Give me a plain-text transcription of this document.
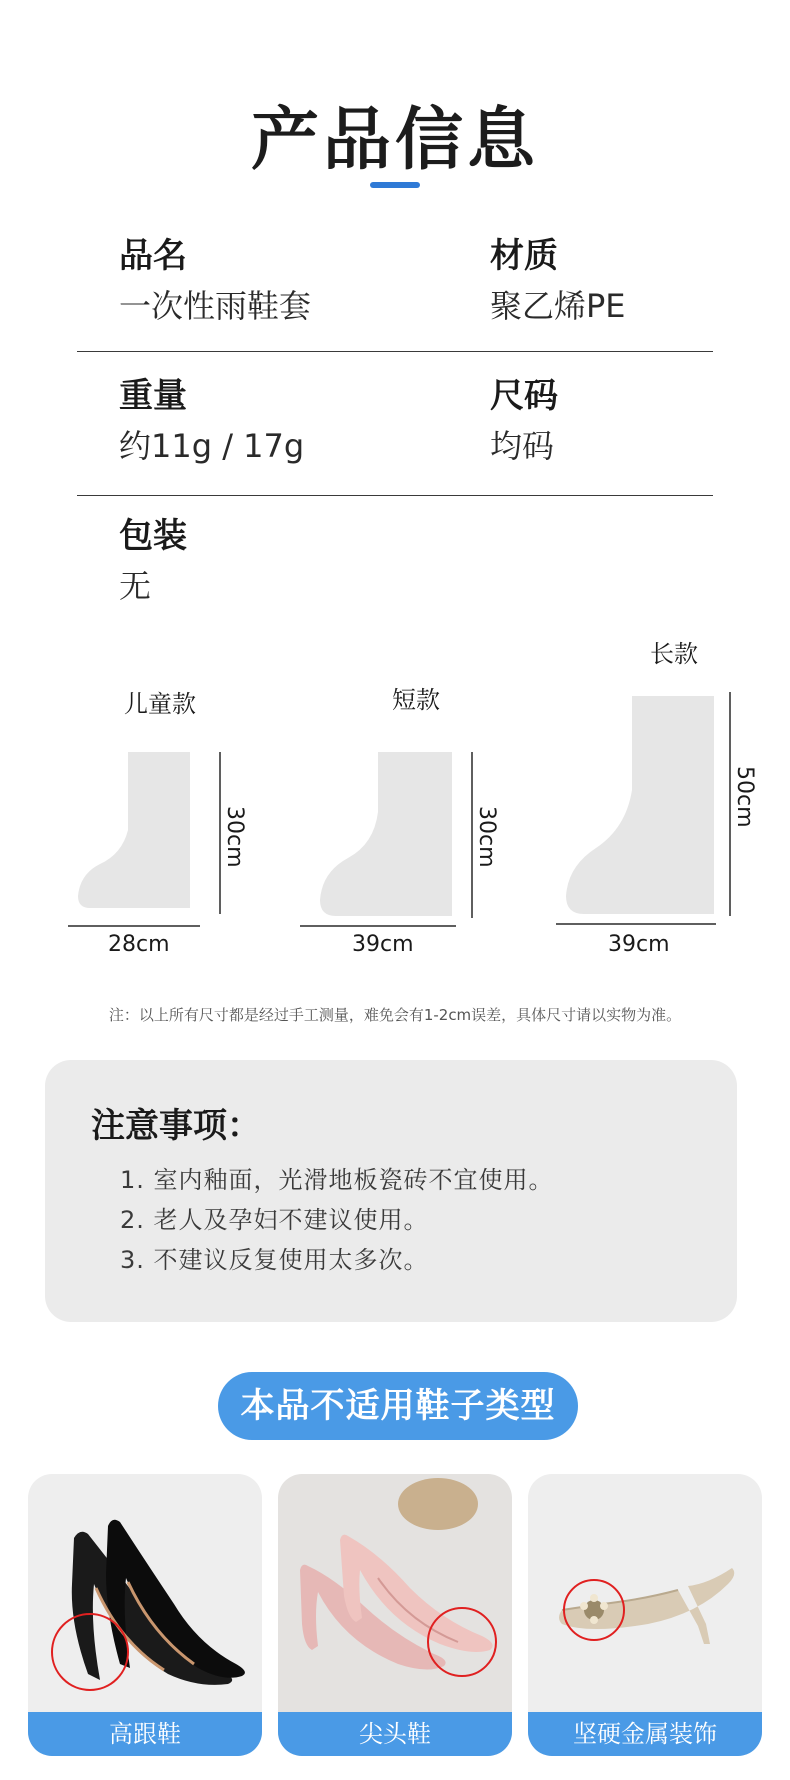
产品信息
品名
一次性雨鞋套
材质
聚乙烯PE
重量
约11g / 17g
尺码
均码
包装
无
儿童款	短款
长款
28cm	39cm	39cm
30cm	30cm
50cm
注：以上所有尺寸都是经过手工测量，难免会有1-2cm误差，具体尺寸请以实物为准。
注意事项：
1. 室内釉面，光滑地板瓷砖不宜使用。
2. 老人及孕妇不建议使用。
3. 不建议反复使用太多次。
本品不适用鞋子类型
高跟鞋	尖头鞋	坚硬金属装饰
